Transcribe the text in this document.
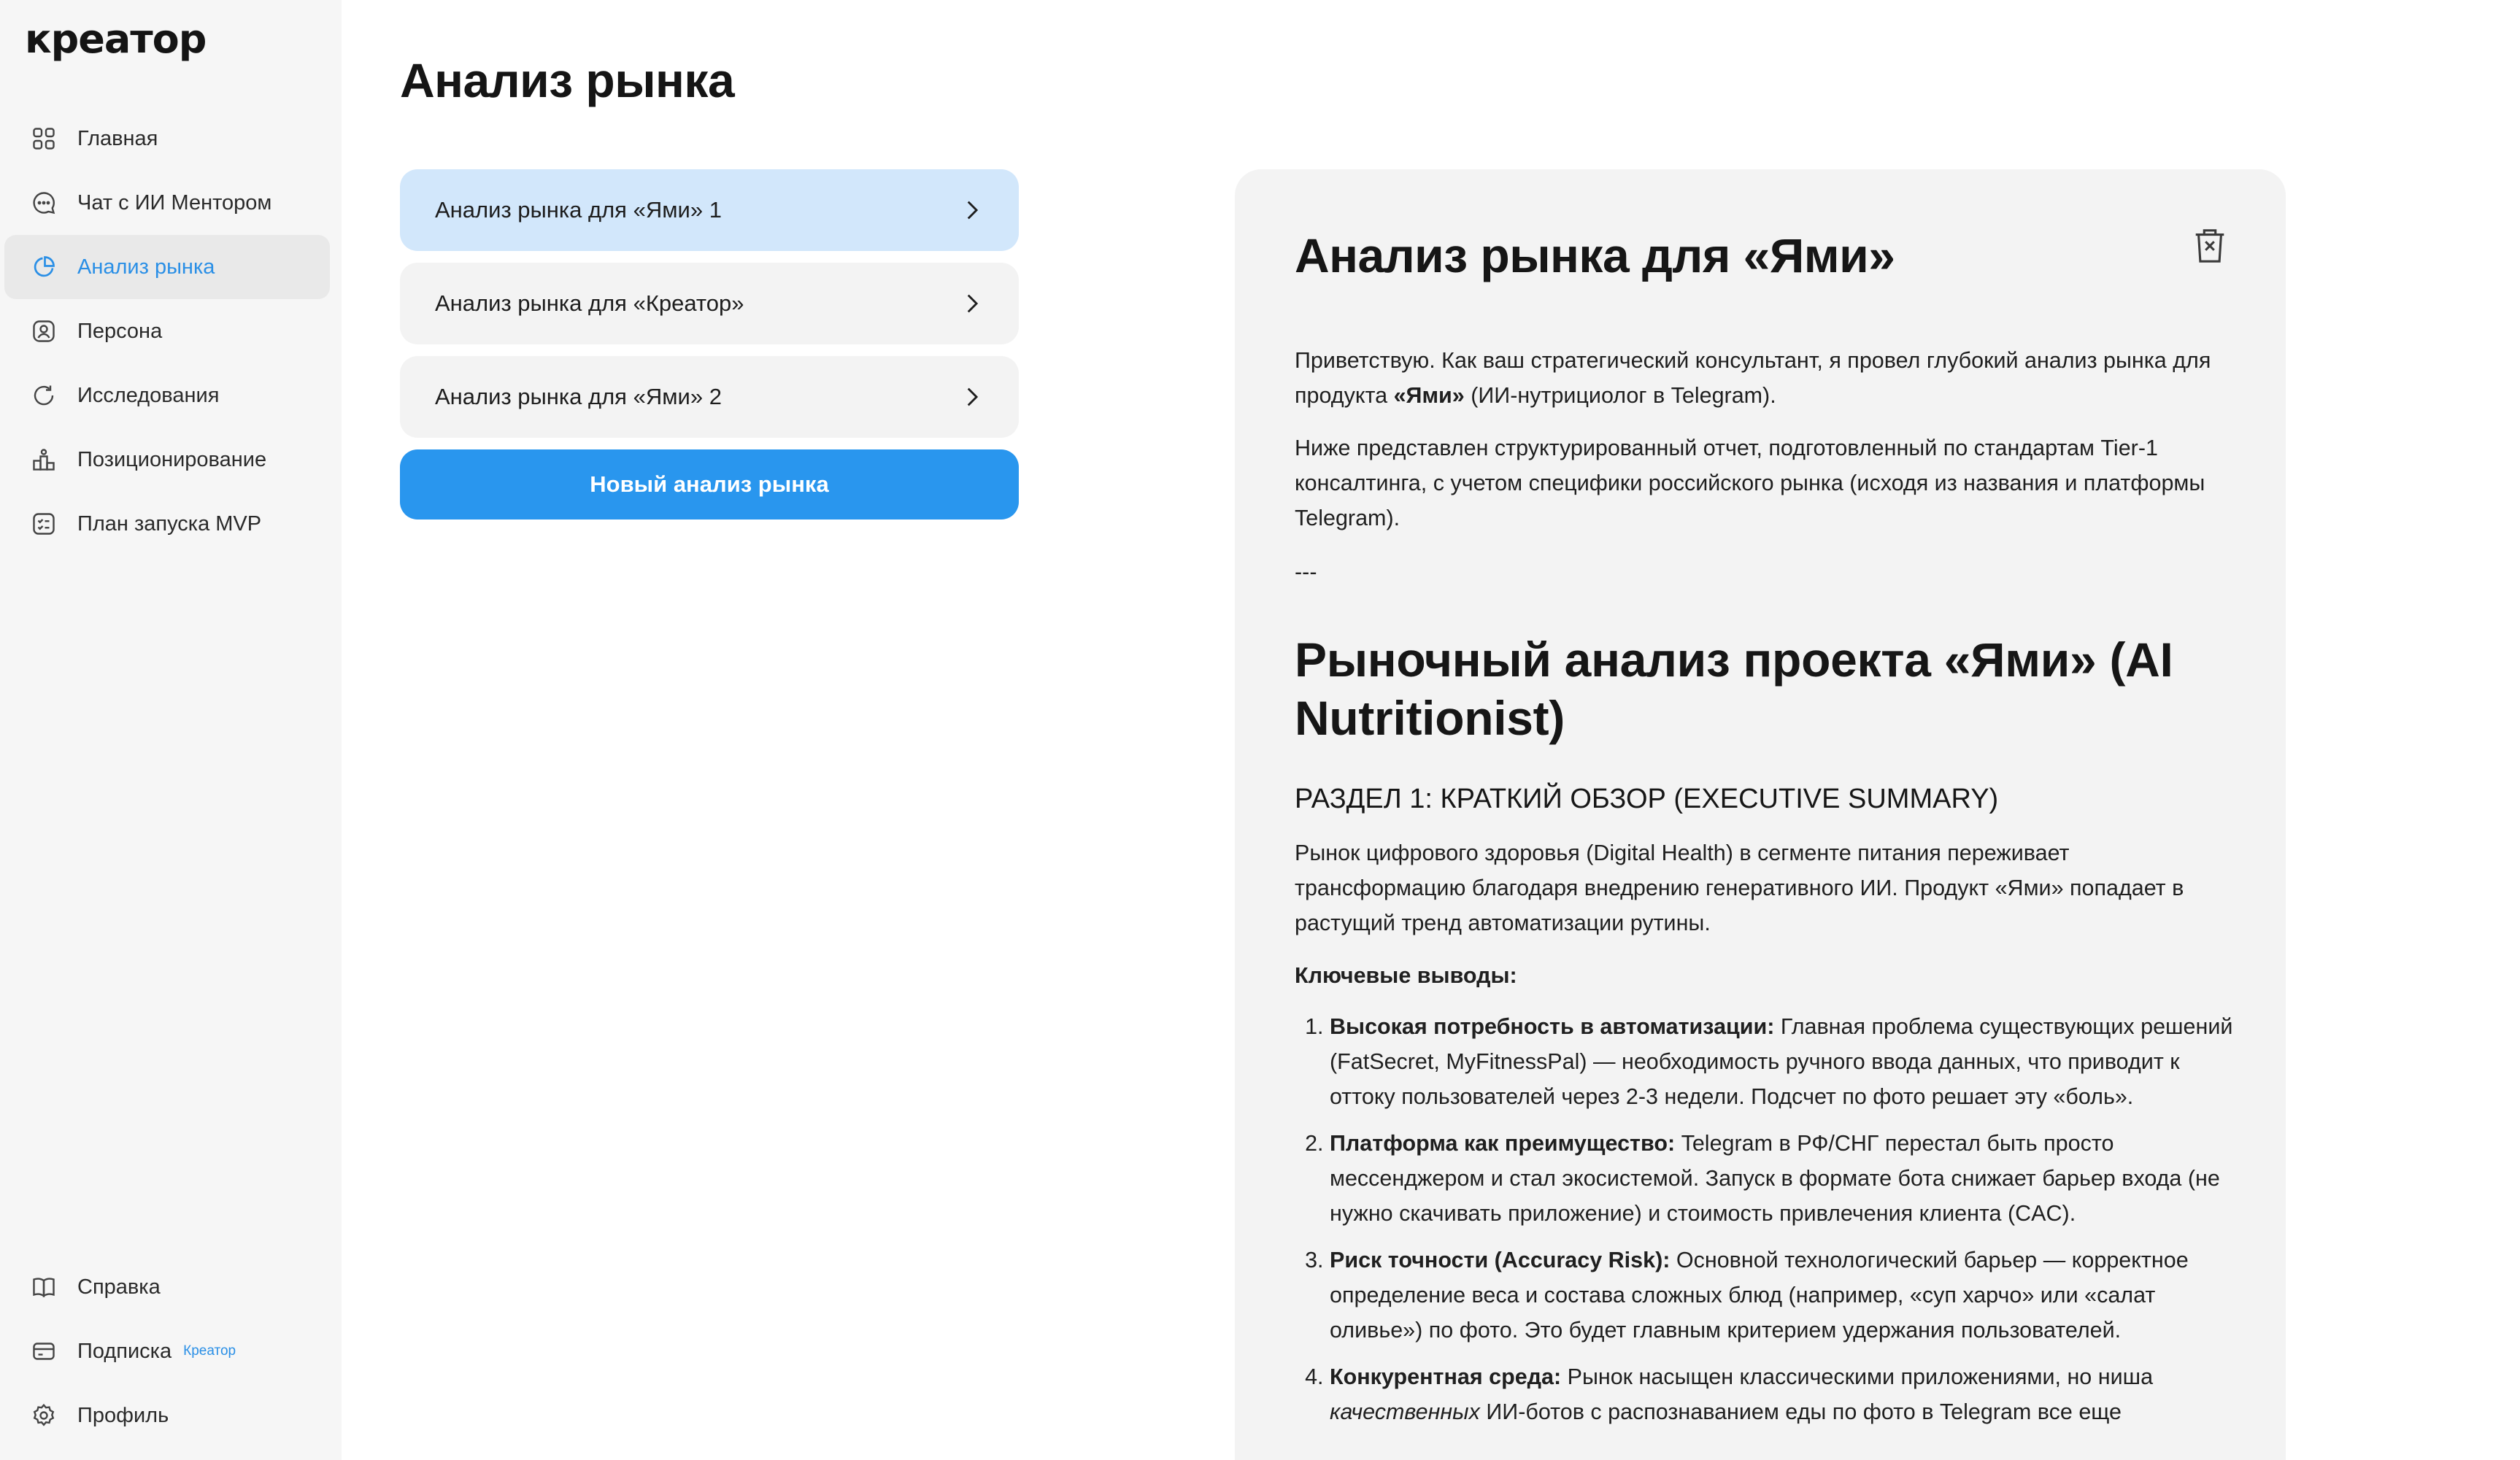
креатор
Главная
Чат с ИИ Ментором
Анализ рынка
Персона
Исследования
Позиционирование
План запуска MVP
Справка
Подписка Креатор
Профиль
Анализ рынка
Анализ рынка для «Ями» 1
Анализ рынка для «Креатор»
Анализ рынка для «Ями» 2
Новый анализ рынка
Анализ рынка для «Ями»

Приветствую. Как ваш стратегический консультант, я провел глубокий анализ рынка для продукта «Ями» (ИИ-нутрициолог в Telegram).

Ниже представлен структурированный отчет, подготовленный по стандартам Tier-1 консалтинга, с учетом специфики российского рынка (исходя из названия и платформы Telegram).

---

Рыночный анализ проекта «Ями» (AI Nutritionist)
РАЗДЕЛ 1: КРАТКИЙ ОБЗОР (EXECUTIVE SUMMARY)

Рынок цифрового здоровья (Digital Health) в сегменте питания переживает трансформацию благодаря внедрению генеративного ИИ. Продукт «Ями» попадает в растущий тренд автоматизации рутины.

Ключевые выводы:

1. Высокая потребность в автоматизации: Главная проблема существующих решений (FatSecret, MyFitnessPal) — необходимость ручного ввода данных, что приводит к оттоку пользователей через 2-3 недели. Подсчет по фото решает эту «боль».
2. Платформа как преимущество: Telegram в РФ/СНГ перестал быть просто мессенджером и стал экосистемой. Запуск в формате бота снижает барьер входа (не нужно скачивать приложение) и стоимость привлечения клиента (CAC).
3. Риск точности (Accuracy Risk): Основной технологический барьер — корректное определение веса и состава сложных блюд (например, «суп харчо» или «салат оливье») по фото. Это будет главным критерием удержания пользователей.
4. Конкурентная среда: Рынок насыщен классическими приложениями, но ниша качественных ИИ-ботов с распознаванием еды по фото в Telegram все еще
